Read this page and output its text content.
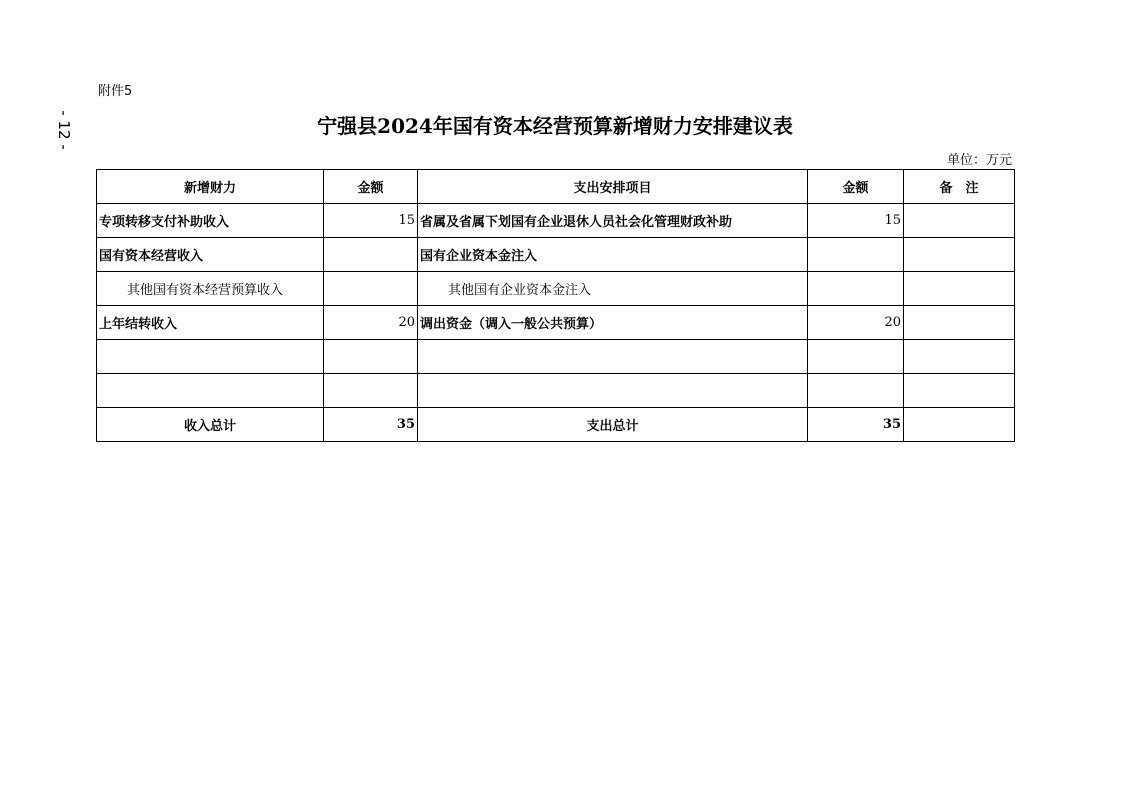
- 12 -
附件5
宁强县2024年国有资本经营预算新增财力安排建议表
单位：万元
新增财力	金额	支出安排项目	金额	备　注
专项转移支付补助收入	15	省属及省属下划国有企业退休人员社会化管理财政补助	15	
国有资本经营收入		国有企业资本金注入		
其他国有资本经营预算收入		其他国有企业资本金注入		
上年结转收入	20	调出资金（调入一般公共预算）	20	

收入总计	35	支出总计	35	
